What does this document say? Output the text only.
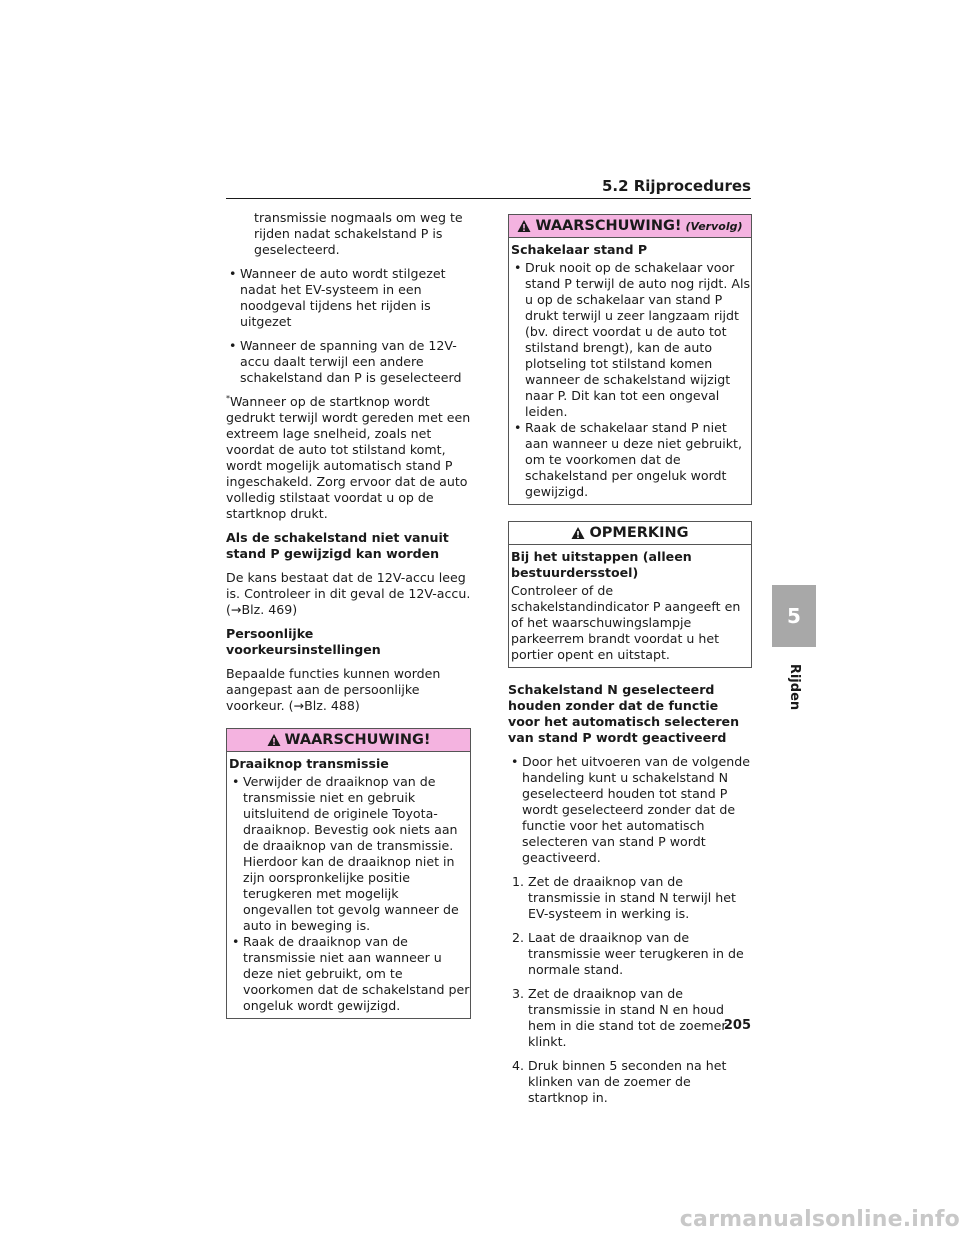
5.2 Rijprocedures
transmissie nogmaals om weg te rijden nadat schakelstand P is geselecteerd.
• Wanneer de auto wordt stilgezet nadat het EV-systeem in een noodgeval tijdens het rijden is uitgezet
• Wanneer de spanning van de 12V-accu daalt terwijl een andere schakelstand dan P is geselecteerd

*Wanneer op de startknop wordt gedrukt terwijl wordt gereden met een extreem lage snelheid, zoals net voordat de auto tot stilstand komt, wordt mogelijk automatisch stand P ingeschakeld. Zorg ervoor dat de auto volledig stilstaat voordat u op de startknop drukt.

Als de schakelstand niet vanuit stand P gewijzigd kan worden

De kans bestaat dat de 12V-accu leeg is. Controleer in dit geval de 12V-accu. (→Blz. 469)

Persoonlijke voorkeursinstellingen

Bepaalde functies kunnen worden aangepast aan de persoonlijke voorkeur. (→Blz. 488)

WAARSCHUWING!
Draaiknop transmissie
• Verwijder de draaiknop van de transmissie niet en gebruik uitsluitend de originele Toyota-draaiknop. Bevestig ook niets aan de draaiknop van de transmissie. Hierdoor kan de draaiknop niet in zijn oorspronkelijke positie terugkeren met mogelijk ongevallen tot gevolg wanneer de auto in beweging is.
• Raak de draaiknop van de transmissie niet aan wanneer u deze niet gebruikt, om te voorkomen dat de schakelstand per ongeluk wordt gewijzigd.
WAARSCHUWING! (Vervolg)
Schakelaar stand P
• Druk nooit op de schakelaar voor stand P terwijl de auto nog rijdt. Als u op de schakelaar van stand P drukt terwijl u zeer langzaam rijdt (bv. direct voordat u de auto tot stilstand brengt), kan de auto plotseling tot stilstand komen wanneer de schakelstand wijzigt naar P. Dit kan tot een ongeval leiden.
• Raak de schakelaar stand P niet aan wanneer u deze niet gebruikt, om te voorkomen dat de schakelstand per ongeluk wordt gewijzigd.
OPMERKING

Bij het uitstappen (alleen bestuurdersstoel)

Controleer of de schakelstandindicator P aangeeft en of het waarschuwingslampje parkeerrem brandt voordat u het portier opent en uitstapt.

Schakelstand N geselecteerd houden zonder dat de functie voor het automatisch selecteren van stand P wordt geactiveerd

• Door het uitvoeren van de volgende handeling kunt u schakelstand N geselecteerd houden tot stand P wordt geselecteerd zonder dat de functie voor het automatisch selecteren van stand P wordt geactiveerd.
1. Zet de draaiknop van de transmissie in stand N terwijl het EV-systeem in werking is.
2. Laat de draaiknop van de transmissie weer terugkeren in de normale stand.
3. Zet de draaiknop van de transmissie in stand N en houd hem in die stand tot de zoemer klinkt.
4. Druk binnen 5 seconden na het klinken van de zoemer de startknop in.
5
Rijden
205
carmanualsonline.info
